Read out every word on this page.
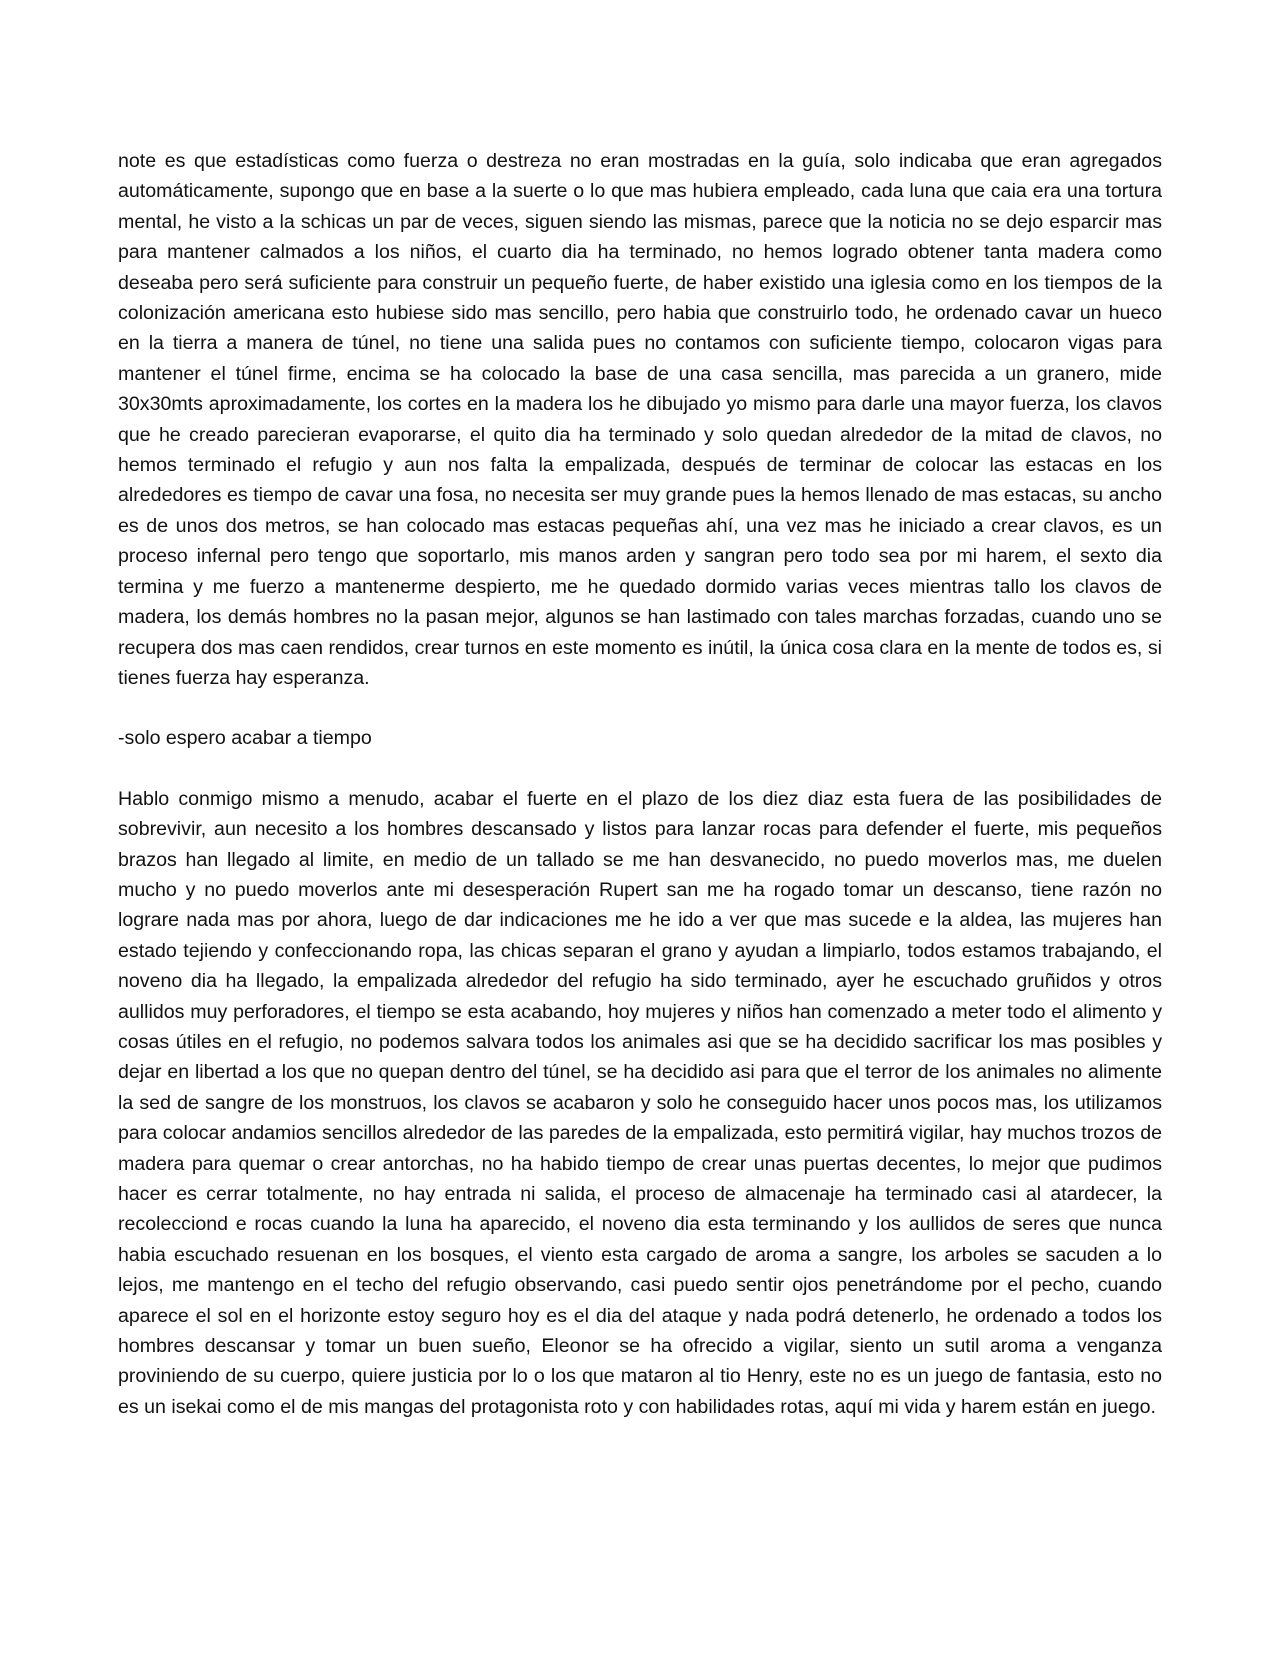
note es que estadísticas como fuerza o destreza no eran mostradas en la guía, solo indicaba que eran agregados automáticamente, supongo que en base a la suerte o lo que mas hubiera empleado, cada luna que caia era una tortura mental, he visto a la schicas un par de veces, siguen siendo las mismas, parece que la noticia no se dejo esparcir mas para mantener calmados a los niños, el cuarto dia ha terminado, no hemos logrado obtener tanta madera como deseaba pero será suficiente para construir un pequeño fuerte, de haber existido una iglesia como en los tiempos de la colonización americana esto hubiese sido mas sencillo, pero habia que construirlo todo, he ordenado cavar un hueco en la tierra a manera de túnel, no tiene una salida pues no contamos con suficiente tiempo, colocaron vigas para mantener el túnel firme, encima se ha colocado la base de una casa sencilla, mas parecida a un granero, mide 30x30mts aproximadamente, los cortes en la madera los he dibujado yo mismo para darle una mayor fuerza, los clavos que he creado parecieran evaporarse, el quito dia ha terminado y solo quedan alrededor de la mitad de clavos, no hemos terminado el refugio y aun nos falta la empalizada, después de terminar de colocar las estacas en los alrededores es tiempo de cavar una fosa, no necesita ser muy grande pues la hemos llenado de mas estacas, su ancho es de unos dos metros, se han colocado mas estacas pequeñas ahí, una vez mas he iniciado a crear clavos, es un proceso infernal pero tengo que soportarlo, mis manos arden y sangran pero todo sea por mi harem, el sexto dia termina y me fuerzo a mantenerme despierto, me he quedado dormido varias veces mientras tallo los clavos de madera, los demás hombres no la pasan mejor, algunos se han lastimado con tales marchas forzadas, cuando uno se recupera dos mas caen rendidos, crear turnos en este momento es inútil, la única cosa clara en la mente de todos es, si tienes fuerza hay esperanza.

-solo espero acabar a tiempo

Hablo conmigo mismo a menudo, acabar el fuerte en el plazo de los diez diaz esta fuera de las posibilidades de sobrevivir, aun necesito a los hombres descansado y listos para lanzar rocas para defender el fuerte, mis pequeños brazos han llegado al limite, en medio de un tallado se me han desvanecido, no puedo moverlos mas, me duelen mucho y no puedo moverlos ante mi desesperación Rupert san me ha rogado tomar un descanso, tiene razón no lograre nada mas por ahora, luego de dar indicaciones me he ido a ver que mas sucede e la aldea, las mujeres han estado tejiendo y confeccionando ropa, las chicas separan el grano y ayudan a limpiarlo, todos estamos trabajando, el noveno dia ha llegado, la empalizada alrededor del refugio ha sido terminado, ayer he escuchado gruñidos y otros aullidos muy perforadores, el tiempo se esta acabando, hoy mujeres y niños han comenzado a meter todo el alimento y cosas útiles en el refugio, no podemos salvara todos los animales asi que se ha decidido sacrificar los mas posibles y dejar en libertad a los que no quepan dentro del túnel, se ha decidido asi para que el terror de los animales no alimente la sed de sangre de los monstruos, los clavos se acabaron y solo he conseguido hacer unos pocos mas, los utilizamos para colocar andamios sencillos alrededor de las paredes de la empalizada, esto permitirá vigilar, hay muchos trozos de madera para quemar o crear antorchas, no ha habido tiempo de crear unas puertas decentes, lo mejor que pudimos hacer es cerrar totalmente, no hay entrada ni salida, el proceso de almacenaje ha terminado casi al atardecer, la recolecciond e rocas cuando la luna ha aparecido, el noveno dia esta terminando y los aullidos de seres que nunca habia escuchado resuenan en los bosques, el viento esta cargado de aroma a sangre, los arboles se sacuden a lo lejos, me mantengo en el techo del refugio observando, casi puedo sentir ojos penetrándome por el pecho, cuando aparece el sol en el horizonte estoy seguro hoy es el dia del ataque y nada podrá detenerlo, he ordenado a todos los hombres descansar y tomar un buen sueño, Eleonor se ha ofrecido a vigilar, siento un sutil aroma a venganza proviniendo de su cuerpo, quiere justicia por lo o los que mataron al tio Henry, este no es un juego de fantasia, esto no es un isekai como el de mis mangas del protagonista roto y con habilidades rotas, aquí mi vida y harem están en juego.
